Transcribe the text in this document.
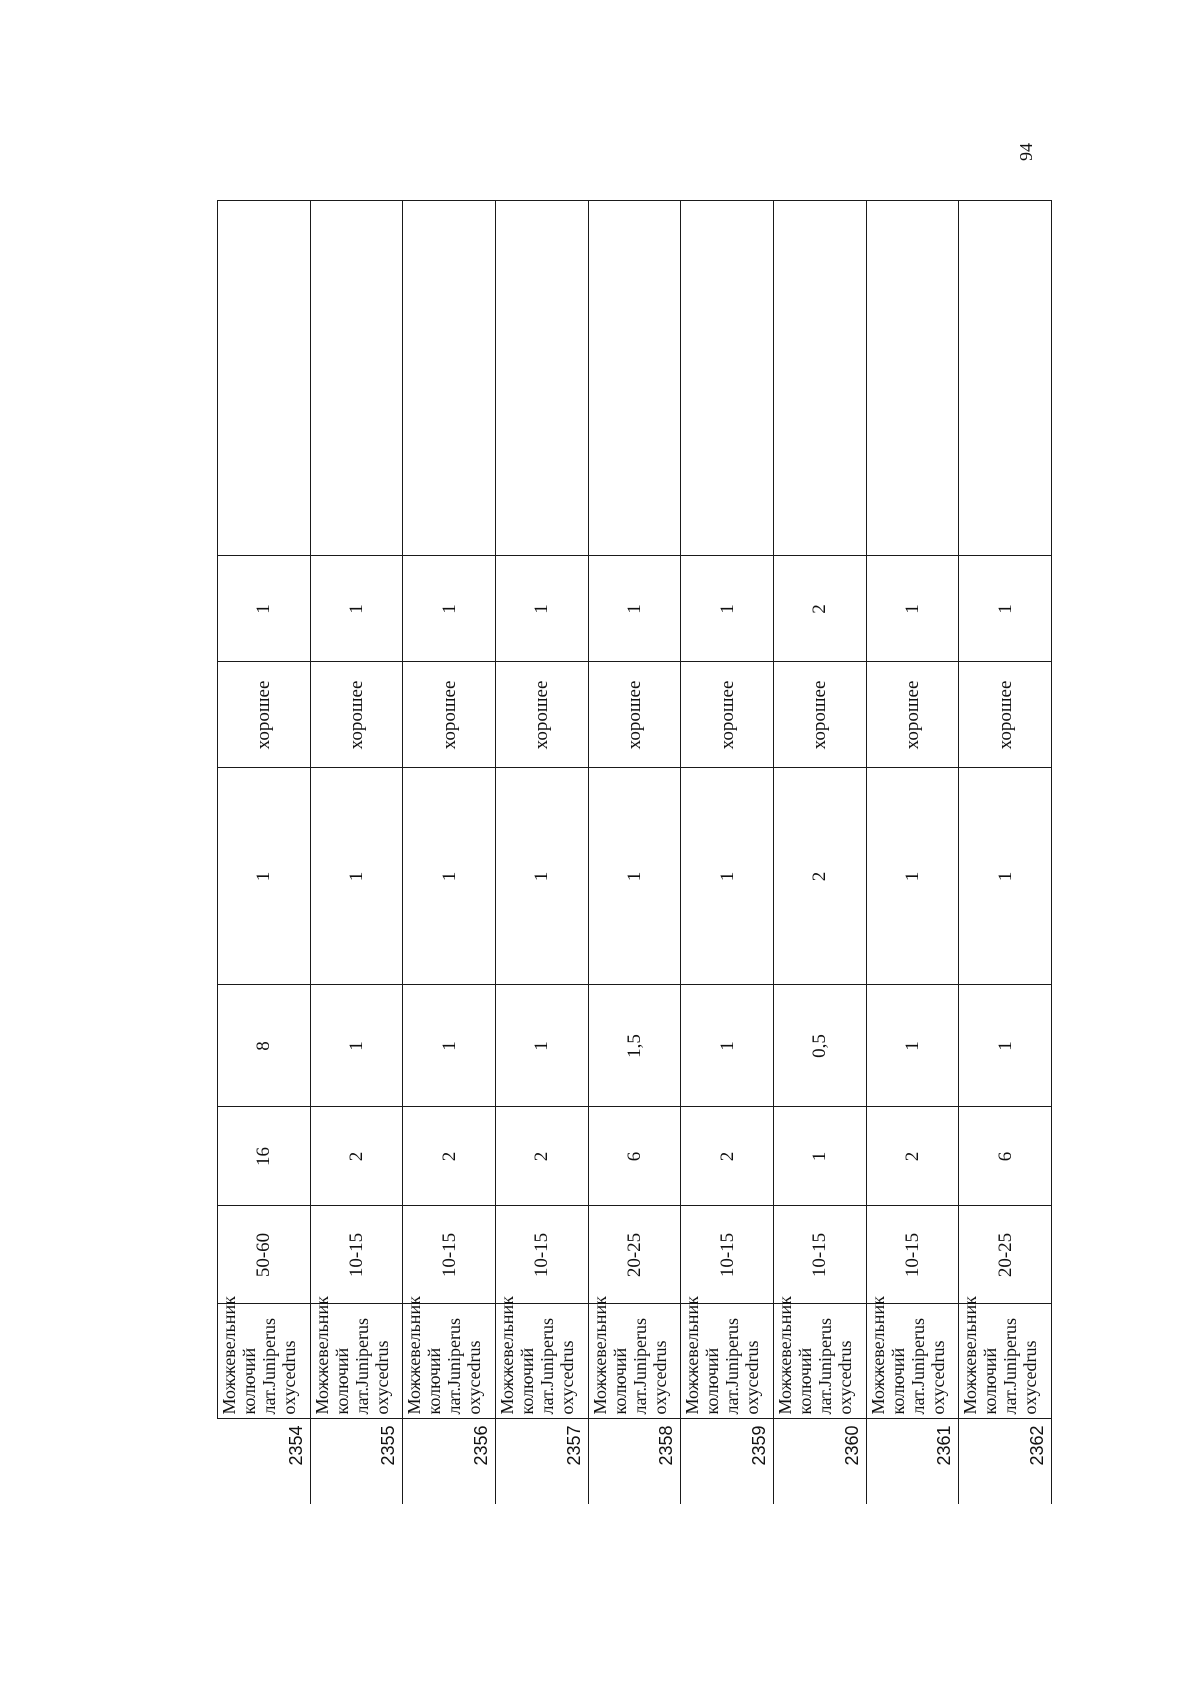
94
2354	Можжевельник колючий лат.Juniperus oxycedrus	50-60	16	8	1	хорошее	1	
2355	Можжевельник колючий лат.Juniperus oxycedrus	10-15	2	1	1	хорошее	1	
2356	Можжевельник колючий лат.Juniperus oxycedrus	10-15	2	1	1	хорошее	1	
2357	Можжевельник колючий лат.Juniperus oxycedrus	10-15	2	1	1	хорошее	1	
2358	Можжевельник колючий лат.Juniperus oxycedrus	20-25	6	1,5	1	хорошее	1	
2359	Можжевельник колючий лат.Juniperus oxycedrus	10-15	2	1	1	хорошее	1	
2360	Можжевельник колючий лат.Juniperus oxycedrus	10-15	1	0,5	2	хорошее	2	
2361	Можжевельник колючий лат.Juniperus oxycedrus	10-15	2	1	1	хорошее	1	
2362	Можжевельник колючий лат.Juniperus oxycedrus	20-25	6	1	1	хорошее	1	
